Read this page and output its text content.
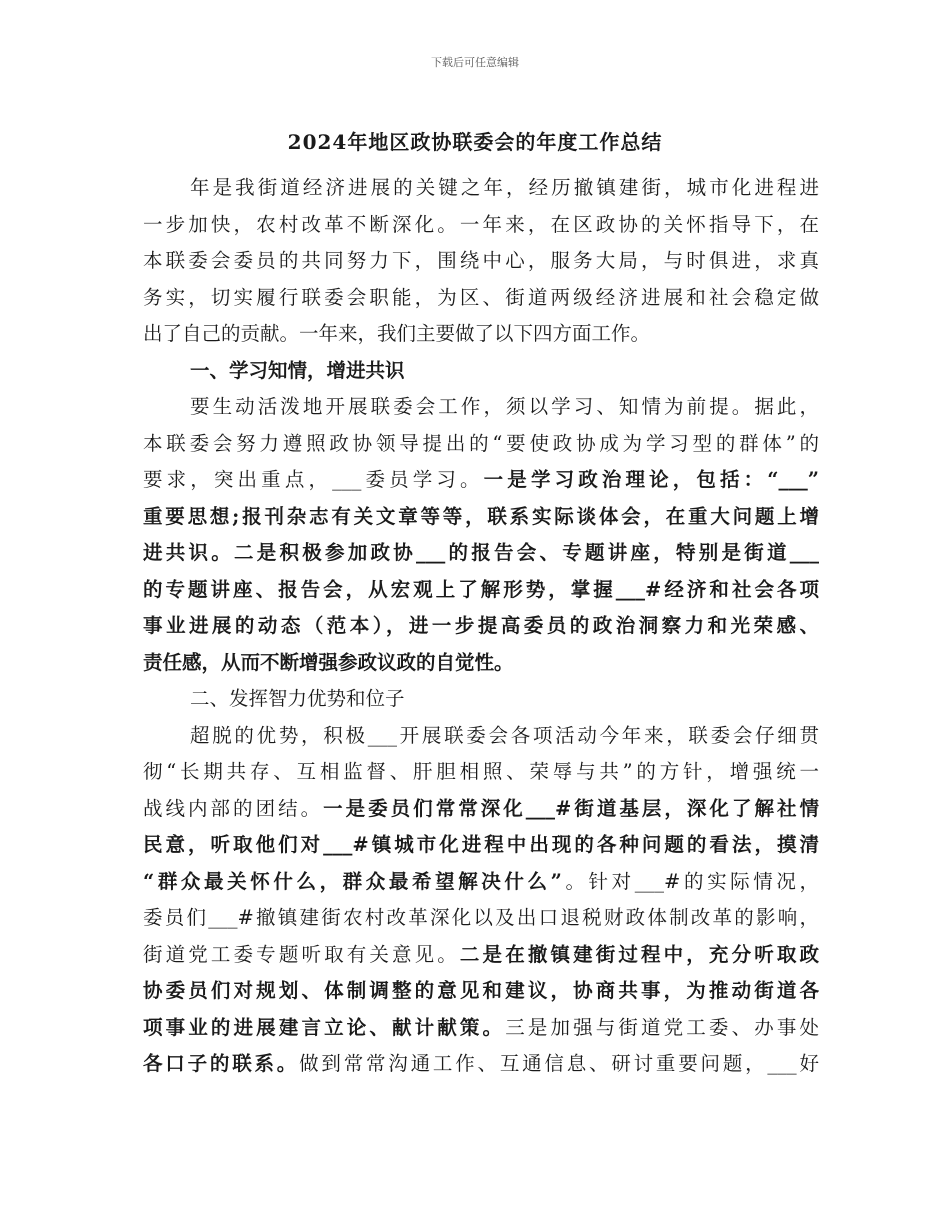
下载后可任意编辑
2024年地区政协联委会的年度工作总结
年是我街道经济进展的关键之年，经历撤镇建街，城市化进程进
一步加快，农村改革不断深化。一年来，在区政协的关怀指导下，在
本联委会委员的共同努力下，围绕中心，服务大局，与时俱进，求真
务实，切实履行联委会职能，为区、街道两级经济进展和社会稳定做
出了自己的贡献。一年来，我们主要做了以下四方面工作。
一、学习知情，增进共识
要生动活泼地开展联委会工作，须以学习、知情为前提。据此，
本联委会努力遵照政协领导提出的“要使政协成为学习型的群体”的
要求，突出重点，___委员学习。一是学习政治理论，包括：“___”
重要思想;报刊杂志有关文章等等，联系实际谈体会，在重大问题上增
进共识。二是积极参加政协___的报告会、专题讲座，特别是街道___
的专题讲座、报告会，从宏观上了解形势，掌握___#经济和社会各项
事业进展的动态（范本），进一步提高委员的政治洞察力和光荣感、
责任感，从而不断增强参政议政的自觉性。
二、发挥智力优势和位子
超脱的优势，积极___开展联委会各项活动今年来，联委会仔细贯
彻“长期共存、互相监督、肝胆相照、荣辱与共”的方针，增强统一
战线内部的团结。一是委员们常常深化___#街道基层，深化了解社情
民意，听取他们对___#镇城市化进程中出现的各种问题的看法，摸清
“群众最关怀什么，群众最希望解决什么”。针对___#的实际情况，
委员们___#撤镇建街农村改革深化以及出口退税财政体制改革的影响，
街道党工委专题听取有关意见。二是在撤镇建街过程中，充分听取政
协委员们对规划、体制调整的意见和建议，协商共事，为推动街道各
项事业的进展建言立论、献计献策。三是加强与街道党工委、办事处
各口子的联系。做到常常沟通工作、互通信息、研讨重要问题，___好
